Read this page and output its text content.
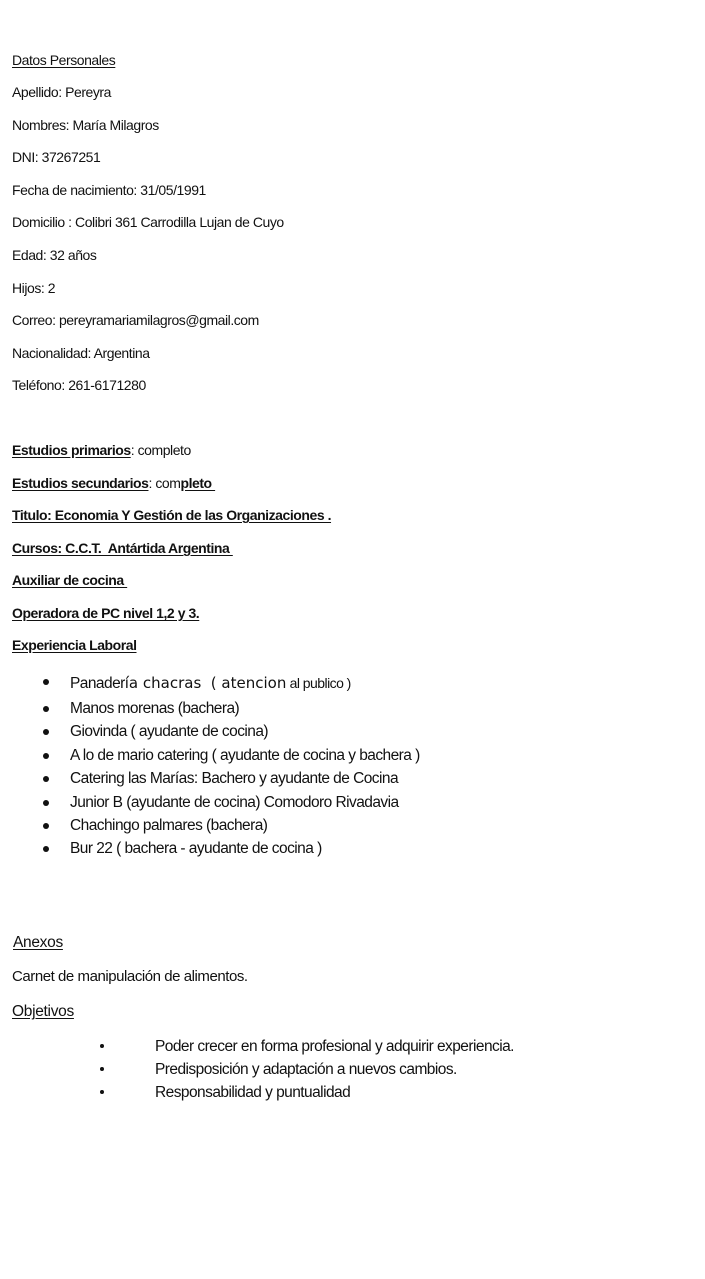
Datos Personales
Apellido: Pereyra
Nombres: María Milagros
DNI: 37267251
Fecha de nacimiento: 31/05/1991
Domicilio : Colibri 361 Carrodilla Lujan de Cuyo
Edad: 32 años
Hijos: 2
Correo: pereyramariamilagros@gmail.com
Nacionalidad: Argentina
Teléfono: 261-6171280
Estudios primarios: completo
Estudios secundarios: completo
Titulo: Economia Y Gestión de las Organizaciones .
Cursos: C.C.T.  Antártida Argentina
Auxiliar de cocina
Operadora de PC nivel 1,2 y 3.
Experiencia Laboral
Panadería chacras  ( atencion al publico )
Manos morenas (bachera)
Giovinda ( ayudante de cocina)
A lo de mario catering ( ayudante de cocina y bachera )
Catering las Marías: Bachero y ayudante de Cocina
Junior B (ayudante de cocina) Comodoro Rivadavia
Chachingo palmares (bachera)
Bur 22 ( bachera - ayudante de cocina )
Anexos
Carnet de manipulación de alimentos.
Objetivos
Poder crecer en forma profesional y adquirir experiencia.
Predisposición y adaptación a nuevos cambios.
Responsabilidad y puntualidad
